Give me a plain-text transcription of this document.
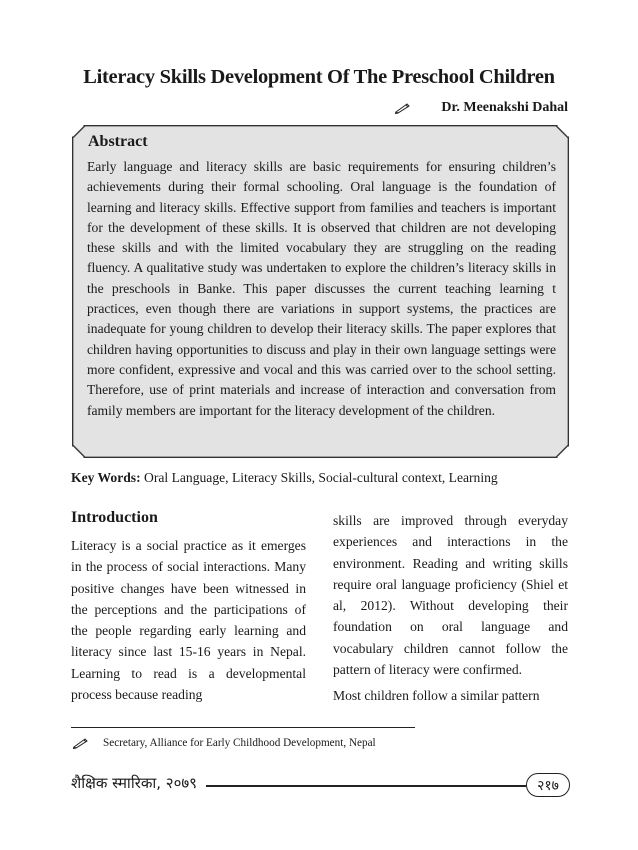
Literacy Skills Development Of The Preschool Children
Dr. Meenakshi Dahal
Abstract
Early language and literacy skills are basic requirements for ensuring children’s achievements during their formal schooling. Oral language is the foundation of learning and literacy skills. Effective support from families and teachers is important for the development of these skills. It is observed that children are not developing these skills and with the limited vocabulary they are struggling on the reading fluency. A qualitative study was undertaken to explore the children’s literacy skills in the preschools in Banke. This paper discusses the current teaching learning t practices, even though there are variations in support systems, the practices are inadequate for young children to develop their literacy skills. The paper explores that children having opportunities to discuss and play in their own language settings were more confident, expressive and vocal and this was carried over to the school setting. Therefore, use of print materials and increase of interaction and conversation from family members are important for the literacy development of the children.
Key Words: Oral Language, Literacy Skills, Social-cultural context, Learning
Introduction
Literacy is a social practice as it emerges in the process of social interactions. Many positive changes have been witnessed in the perceptions and the participations of the people regarding early learning and literacy since last 15-16 years in Nepal. Learning to read is a developmental process because reading

skills are improved through everyday experiences and interactions in the environment. Reading and writing skills require oral language proficiency (Shiel et al, 2012). Without developing their foundation on oral language and vocabulary children cannot follow the pattern of literacy were confirmed.

Most children follow a similar pattern

Secretary, Alliance for Early Childhood Development, Nepal
शैक्षिक स्मारिका, २०७९	२१७
